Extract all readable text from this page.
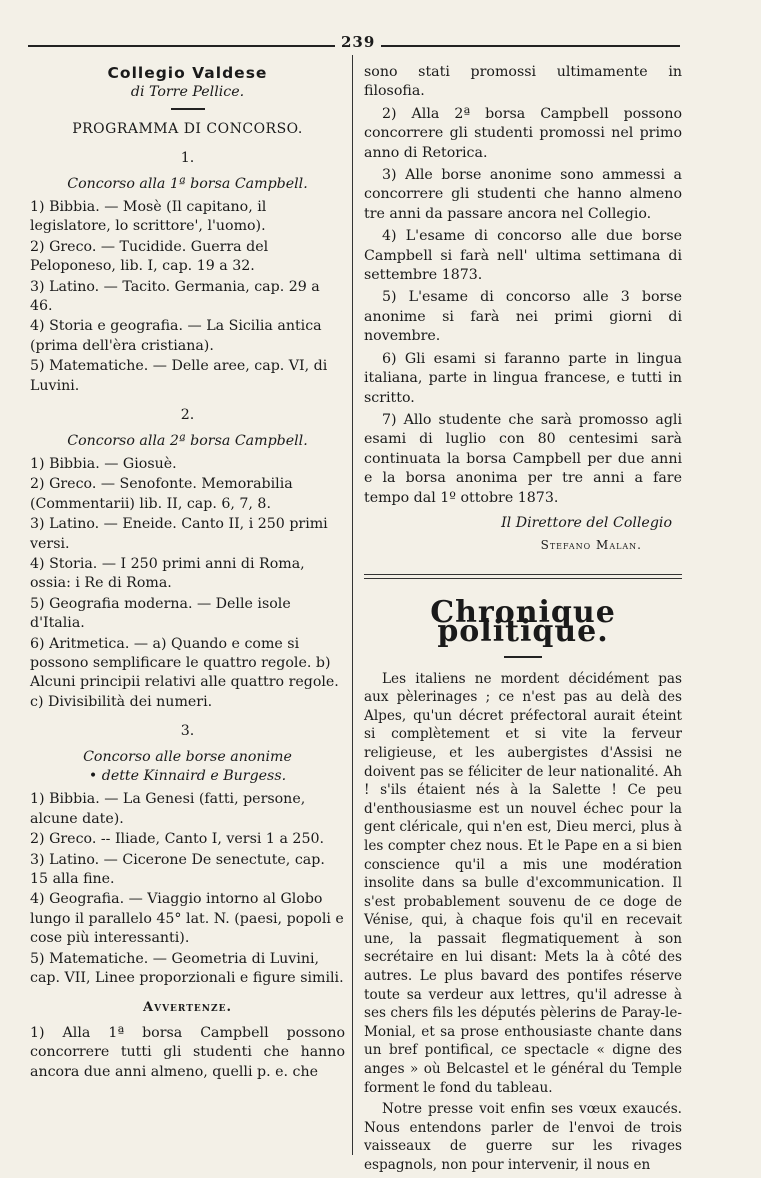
239
Collegio Valdese
di Torre Pellice.
PROGRAMMA DI CONCORSO.
1.
Concorso alla 1ª borsa Campbell.
1) Bibbia. — Mosè (Il capitano, il legislatore, lo scrittore', l'uomo).
2) Greco. — Tucidide. Guerra del Peloponeso, lib. I, cap. 19 a 32.
3) Latino. — Tacito. Germania, cap. 29 a 46.
4) Storia e geografia. — La Sicilia antica (prima dell'èra cristiana).
5) Matematiche. — Delle aree, cap. VI, di Luvini.
2.
Concorso alla 2ª borsa Campbell.
1) Bibbia. — Giosuè.
2) Greco. — Senofonte. Memorabilia (Commentarii) lib. II, cap. 6, 7, 8.
3) Latino. — Eneide. Canto II, i 250 primi versi.
4) Storia. — I 250 primi anni di Roma, ossia: i Re di Roma.
5) Geografia moderna. — Delle isole d'Italia.
6) Aritmetica. — a) Quando e come si possono semplificare le quattro regole. b) Alcuni principii relativi alle quattro regole. c) Divisibilità dei numeri.
3.
Concorso alle borse anonime
• dette Kinnaird e Burgess.
1) Bibbia. — La Genesi (fatti, persone, alcune date).
2) Greco. -- Iliade, Canto I, versi 1 a 250.
3) Latino. — Cicerone De senectute, cap. 15 alla fine.
4) Geografia. — Viaggio intorno al Globo lungo il parallelo 45° lat. N. (paesi, popoli e cose più interessanti).
5) Matematiche. — Geometria di Luvini, cap. VII, Linee proporzionali e figure simili.
Avvertenze.
1) Alla 1ª borsa Campbell possono concorrere tutti gli studenti che hanno ancora due anni almeno, quelli p. e. che
sono stati promossi ultimamente in filosofia.
2) Alla 2ª borsa Campbell possono concorrere gli studenti promossi nel primo anno di Retorica.
3) Alle borse anonime sono ammessi a concorrere gli studenti che hanno almeno tre anni da passare ancora nel Collegio.
4) L'esame di concorso alle due borse Campbell si farà nell' ultima settimana di settembre 1873.
5) L'esame di concorso alle 3 borse anonime si farà nei primi giorni di novembre.
6) Gli esami si faranno parte in lingua italiana, parte in lingua francese, e tutti in scritto.
7) Allo studente che sarà promosso agli esami di luglio con 80 centesimi sarà continuata la borsa Campbell per due anni e la borsa anonima per tre anni a fare tempo dal 1º ottobre 1873.
Il Direttore del Collegio
Stefano Malan.
Chronique politique.
Les italiens ne mordent décidément pas aux pèlerinages ; ce n'est pas au delà des Alpes, qu'un décret préfectoral aurait éteint si complètement et si vite la ferveur religieuse, et les aubergistes d'Assisi ne doivent pas se féliciter de leur nationalité. Ah ! s'ils étaient nés à la Salette ! Ce peu d'enthousiasme est un nouvel échec pour la gent cléricale, qui n'en est, Dieu merci, plus à les compter chez nous. Et le Pape en a si bien conscience qu'il a mis une modération insolite dans sa bulle d'excommunication. Il s'est probablement souvenu de ce doge de Vénise, qui, à chaque fois qu'il en recevait une, la passait flegmatiquement à son secrétaire en lui disant: Mets la à côté des autres. Le plus bavard des pontifes réserve toute sa verdeur aux lettres, qu'il adresse à ses chers fils les députés pèlerins de Paray-le-Monial, et sa prose enthousiaste chante dans un bref pontifical, ce spectacle « digne des anges » où Belcastel et le général du Temple forment le fond du tableau.
Notre presse voit enfin ses vœux exaucés. Nous entendons parler de l'envoi de trois vaisseaux de guerre sur les rivages espagnols, non pour intervenir, il nous en
